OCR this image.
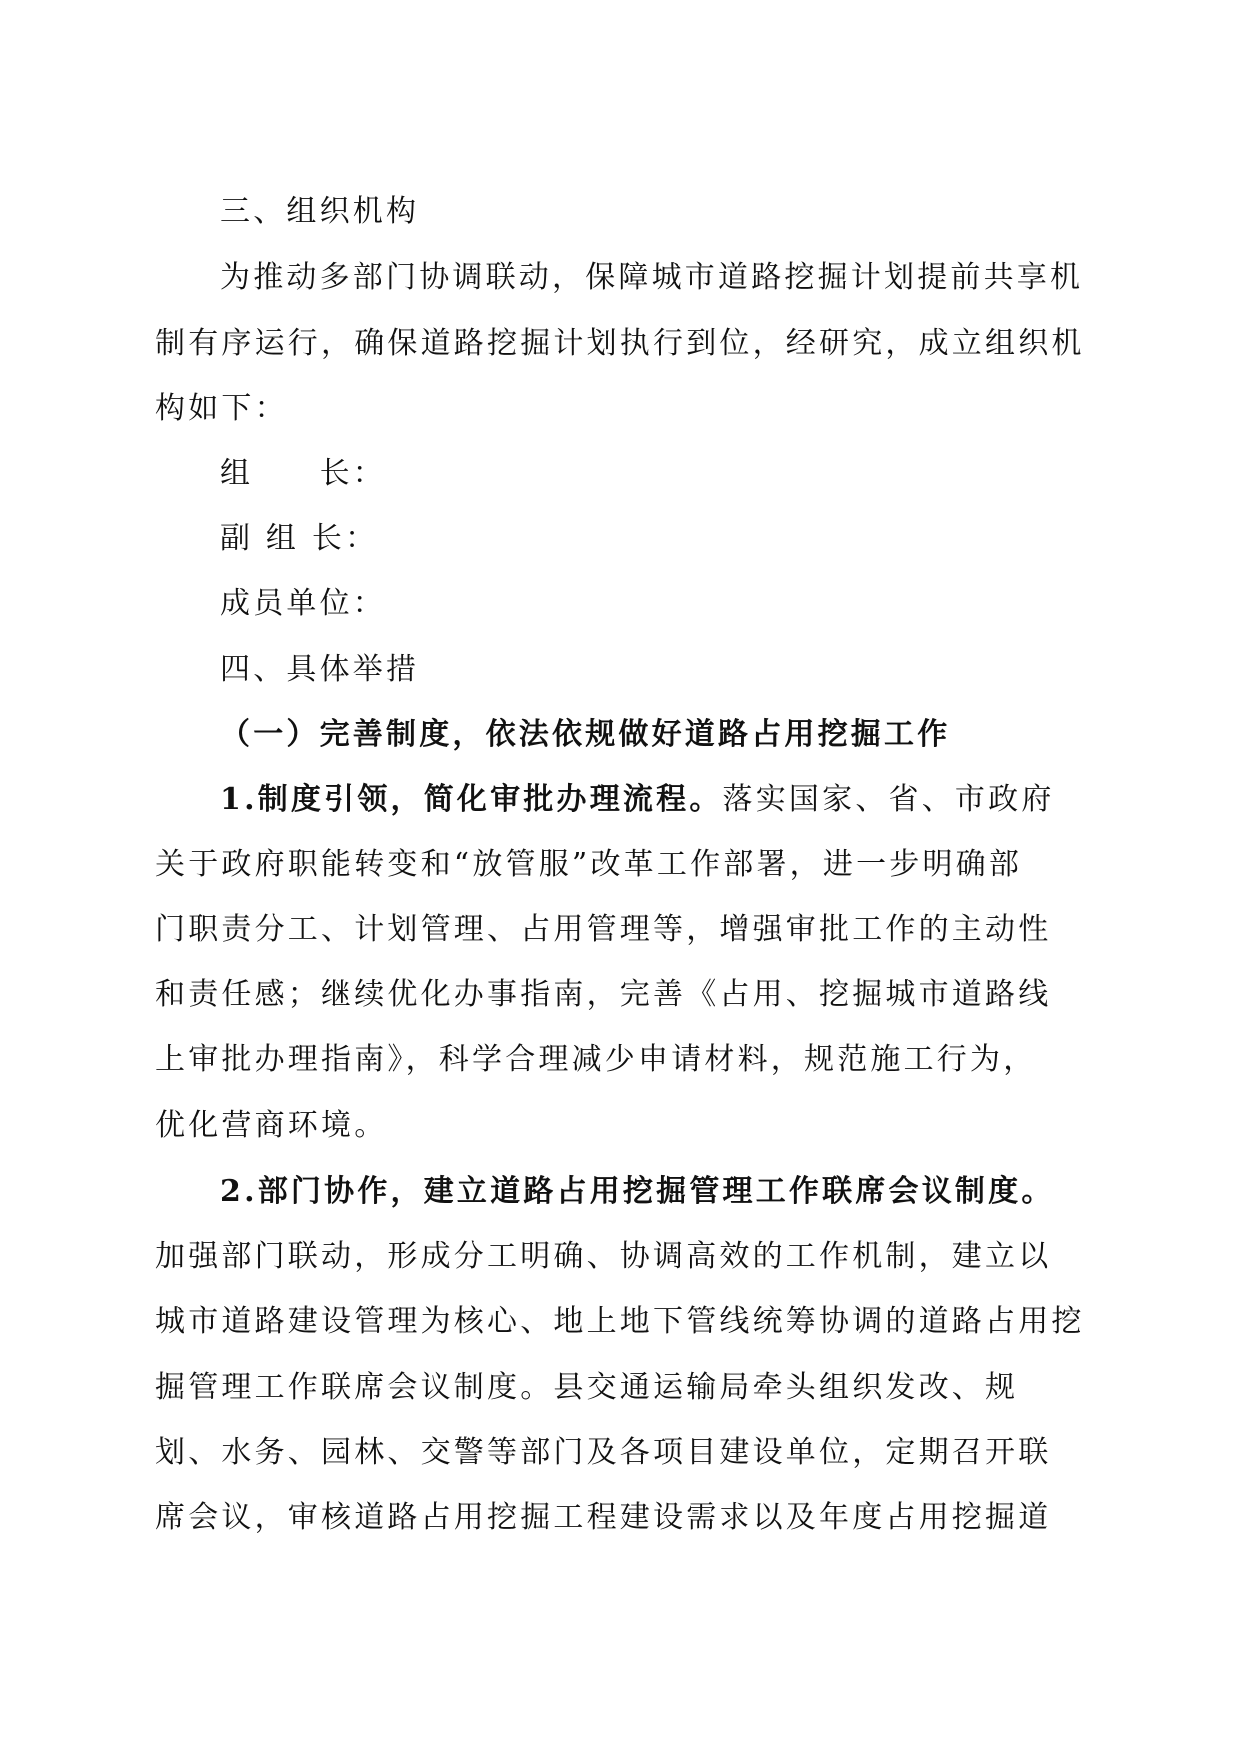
三、组织机构
为推动多部门协调联动，保障城市道路挖掘计划提前共享机
制有序运行，确保道路挖掘计划执行到位，经研究，成立组织机
构如下：
组　　长：
副 组 长：
成员单位：
四、具体举措
（一）完善制度，依法依规做好道路占用挖掘工作
1.制度引领，简化审批办理流程。落实国家、省、市政府
关于政府职能转变和“放管服”改革工作部署，进一步明确部
门职责分工、计划管理、占用管理等，增强审批工作的主动性
和责任感；继续优化办事指南，完善《占用、挖掘城市道路线
上审批办理指南》，科学合理减少申请材料，规范施工行为，
优化营商环境。
2.部门协作，建立道路占用挖掘管理工作联席会议制度。
加强部门联动，形成分工明确、协调高效的工作机制，建立以
城市道路建设管理为核心、地上地下管线统筹协调的道路占用挖
掘管理工作联席会议制度。县交通运输局牵头组织发改、规
划、水务、园林、交警等部门及各项目建设单位，定期召开联
席会议，审核道路占用挖掘工程建设需求以及年度占用挖掘道
